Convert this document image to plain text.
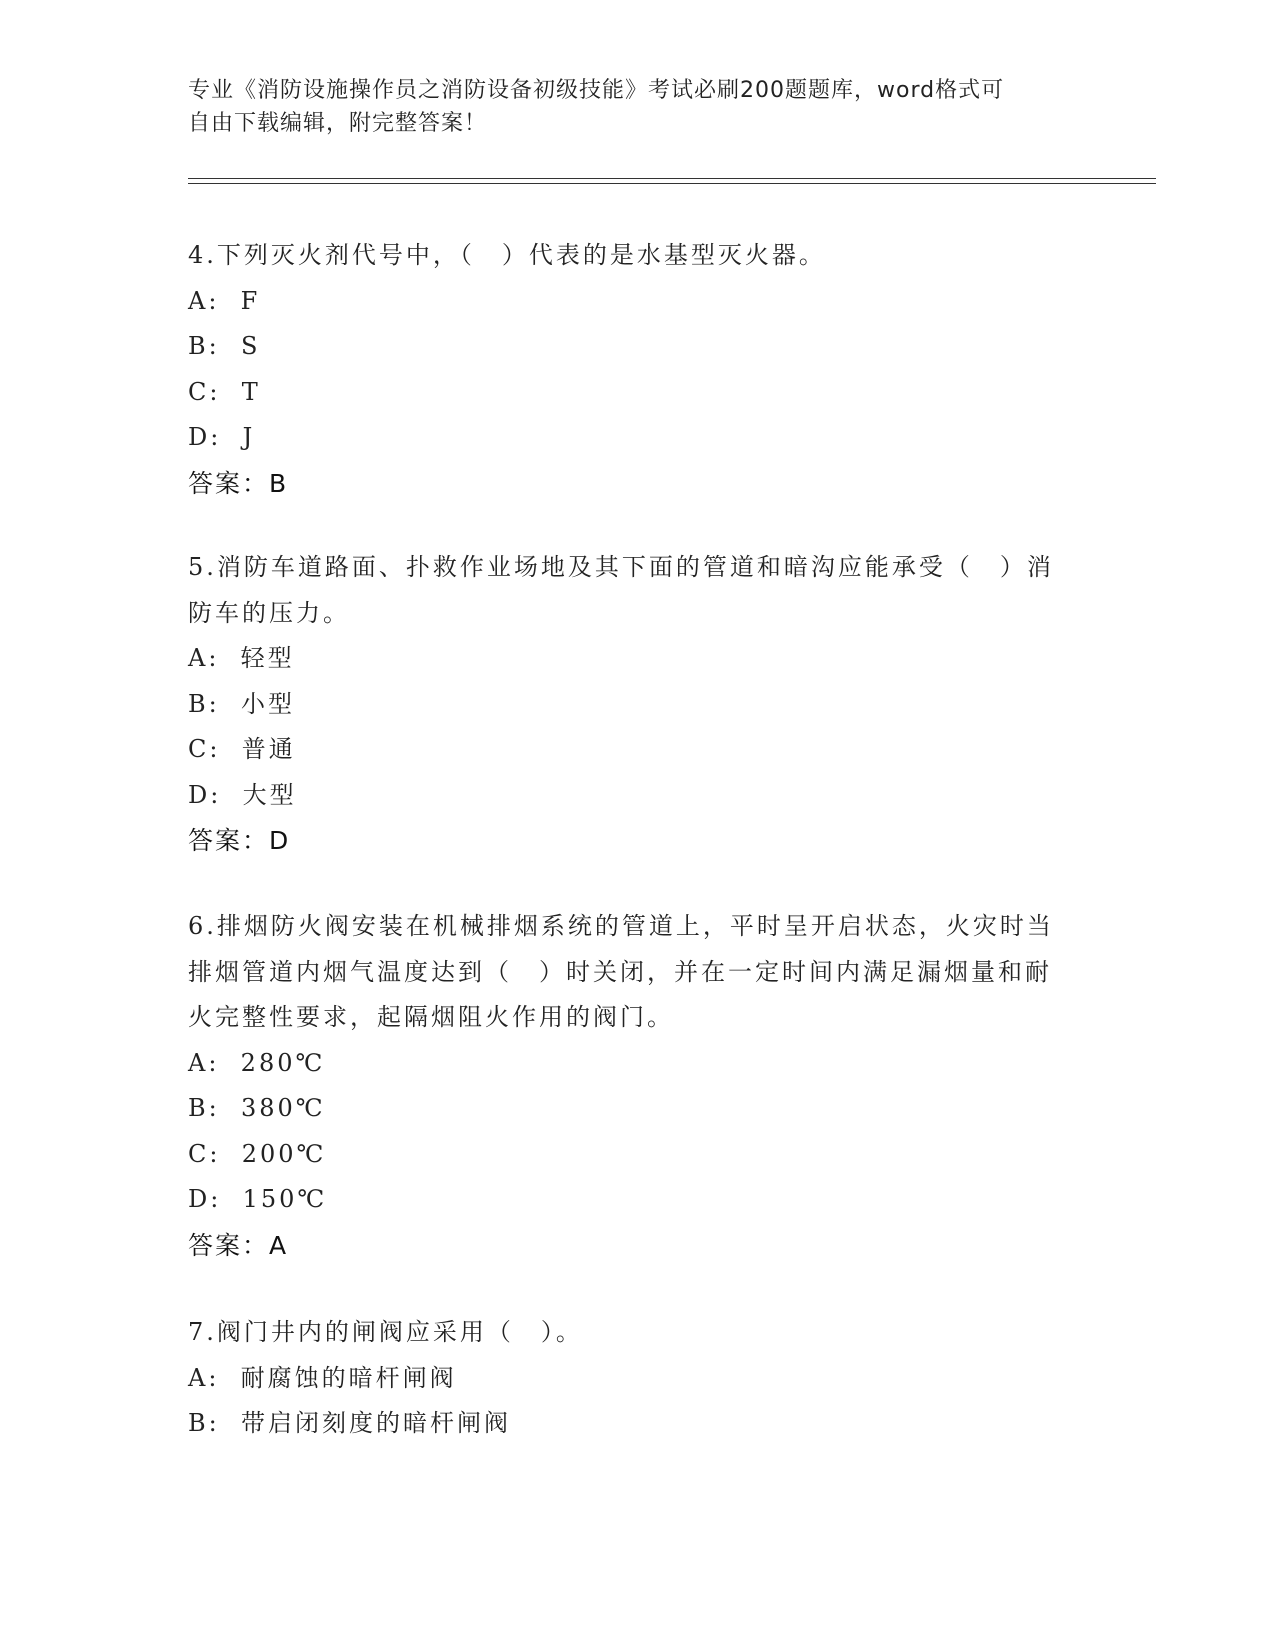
专业《消防设施操作员之消防设备初级技能》考试必刷200题题库，word格式可
自由下载编辑，附完整答案！

4.下列灭火剂代号中，（　）代表的是水基型灭火器。

A:  F

B:  S

C:  T

D:  J

答案：B

5.消防车道路面、扑救作业场地及其下面的管道和暗沟应能承受（　）消防车的压力。

A:  轻型

B:  小型

C:  普通

D:  大型

答案：D

6.排烟防火阀安装在机械排烟系统的管道上，平时呈开启状态，火灾时当排烟管道内烟气温度达到（　）时关闭，并在一定时间内满足漏烟量和耐火完整性要求，起隔烟阻火作用的阀门。

A:  280℃

B:  380℃

C:  200℃

D:  150℃

答案：A

7.阀门井内的闸阀应采用（　）。

A:  耐腐蚀的暗杆闸阀

B:  带启闭刻度的暗杆闸阀
